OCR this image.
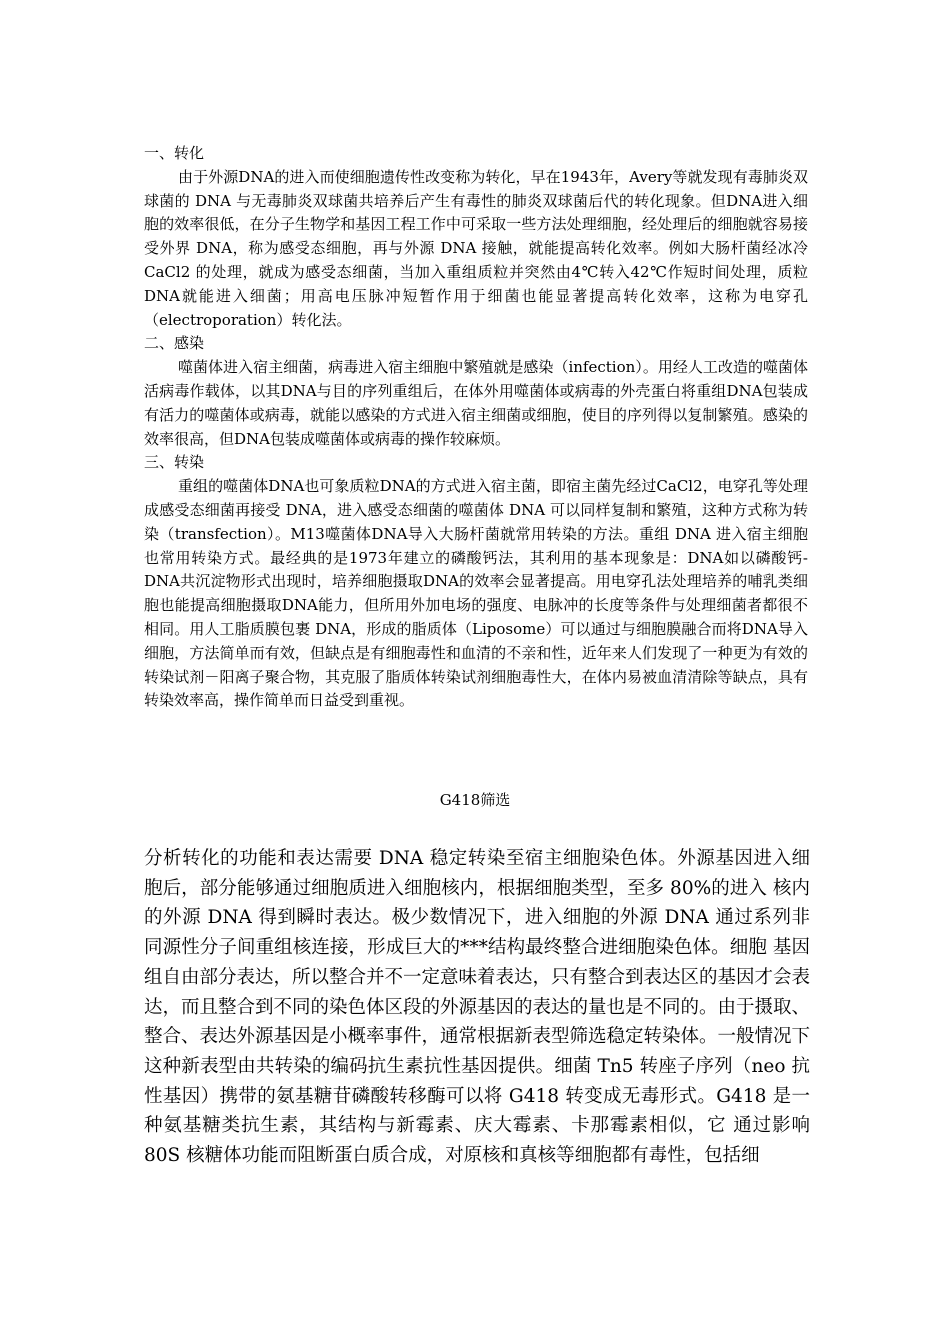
一、转化

由于外源DNA的进入而使细胞遗传性改变称为转化，早在1943年，Avery等就发现有毒肺炎双球菌的 DNA 与无毒肺炎双球菌共培养后产生有毒性的肺炎双球菌后代的转化现象。但DNA进入细胞的效率很低，在分子生物学和基因工程工作中可采取一些方法处理细胞，经处理后的细胞就容易接受外界 DNA，称为感受态细胞，再与外源 DNA 接触，就能提高转化效率。例如大肠杆菌经冰冷 CaCl2 的处理，就成为感受态细菌，当加入重组质粒并突然由4℃转入42℃作短时间处理，质粒DNA就能进入细菌；用高电压脉冲短暂作用于细菌也能显著提高转化效率，这称为电穿孔（electroporation）转化法。

二、感染

噬菌体进入宿主细菌，病毒进入宿主细胞中繁殖就是感染（infection）。用经人工改造的噬菌体活病毒作载体，以其DNA与目的序列重组后，在体外用噬菌体或病毒的外壳蛋白将重组DNA包装成有活力的噬菌体或病毒，就能以感染的方式进入宿主细菌或细胞，使目的序列得以复制繁殖。感染的效率很高，但DNA包装成噬菌体或病毒的操作较麻烦。

三、转染

重组的噬菌体DNA也可象质粒DNA的方式进入宿主菌，即宿主菌先经过CaCl2，电穿孔等处理成感受态细菌再接受 DNA，进入感受态细菌的噬菌体 DNA 可以同样复制和繁殖，这种方式称为转染（transfection）。M13噬菌体DNA导入大肠杆菌就常用转染的方法。重组 DNA 进入宿主细胞也常用转染方式。最经典的是1973年建立的磷酸钙法，其利用的基本现象是：DNA如以磷酸钙-DNA共沉淀物形式出现时，培养细胞摄取DNA的效率会显著提高。用电穿孔法处理培养的哺乳类细胞也能提高细胞摄取DNA能力，但所用外加电场的强度、电脉冲的长度等条件与处理细菌者都很不相同。用人工脂质膜包裹 DNA，形成的脂质体（Liposome）可以通过与细胞膜融合而将DNA导入细胞，方法简单而有效，但缺点是有细胞毒性和血清的不亲和性，近年来人们发现了一种更为有效的转染试剂－阳离子聚合物，其克服了脂质体转染试剂细胞毒性大，在体内易被血清清除等缺点，具有转染效率高，操作简单而日益受到重视。

G418筛选

分析转化的功能和表达需要 DNA 稳定转染至宿主细胞染色体。外源基因进入细胞后，部分能够通过细胞质进入细胞核内，根据细胞类型，至多 80%的进入 核内的外源 DNA 得到瞬时表达。极少数情况下，进入细胞的外源 DNA 通过系列非同源性分子间重组核连接，形成巨大的***结构最终整合进细胞染色体。细胞 基因组自由部分表达，所以整合并不一定意味着表达，只有整合到表达区的基因才会表达，而且整合到不同的染色体区段的外源基因的表达的量也是不同的。由于摄取、整合、表达外源基因是小概率事件，通常根据新表型筛选稳定转染体。一般情况下这种新表型由共转染的编码抗生素抗性基因提供。细菌 Tn5 转座子序列（neo 抗性基因）携带的氨基糖苷磷酸转移酶可以将 G418 转变成无毒形式。G418 是一种氨基糖类抗生素，其结构与新霉素、庆大霉素、卡那霉素相似，它 通过影响 80S 核糖体功能而阻断蛋白质合成，对原核和真核等细胞都有毒性，包括细
